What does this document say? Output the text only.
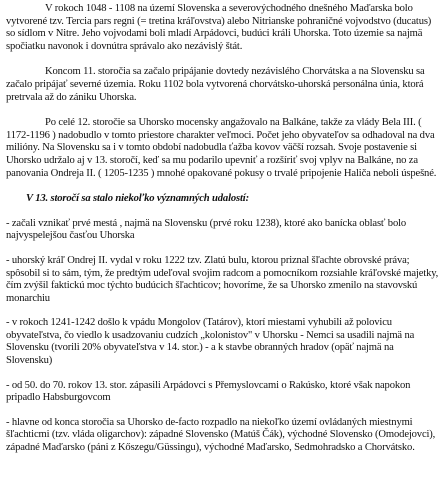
V rokoch 1048 - 1108 na území Slovenska a severovýchodného dnešného Maďarska bolo vytvorené tzv. Tercia pars regni (= tretina kráľovstva) alebo Nitrianske pohraničné vojvodstvo (ducatus) so sídlom v Nitre. Jeho vojvodami boli mladí Arpádovci, budúci králi Uhorska. Toto územie sa najmä spočiatku navonok i dovnútra správalo ako nezávislý štát.

Koncom 11. storočia sa začalo pripájanie dovtedy nezávislého Chorvátska a na Slovensku sa začalo pripájať severné územia. Roku 1102 bola vytvorená chorvátsko-uhorská personálna únia, ktorá pretrvala až do zániku Uhorska.

Po celé 12. storočie sa Uhorsko mocensky angažovalo na Balkáne, takže za vlády Bela III. ( 1172-1196 ) nadobudlo v tomto priestore charakter veľmoci. Počet jeho obyvateľov sa odhadoval na dva milióny. Na Slovensku sa i v tomto období nadobudla ťažba kovov väčší rozsah. Svoje postavenie si Uhorsko udržalo aj v 13. storočí, keď sa mu podarilo upevniť a rozšíriť svoj vplyv na Balkáne, no za panovania Ondreja II. ( 1205-1235 ) mnohé opakované pokusy o trvalé pripojenie Haliča neboli úspešné.

V 13. storočí sa stalo niekoľko významných udalostí:

- začali vznikať prvé mestá , najmä na Slovensku (prvé roku 1238), ktoré ako banícka oblasť bolo najvyspelejšou časťou Uhorska

- uhorský kráľ Ondrej II. vydal v roku 1222 tzv. Zlatú bulu, ktorou priznal šľachte obrovské práva; spôsobil si to sám, tým, že predtým udeľoval svojim radcom a pomocníkom rozsiahle kráľovské majetky, čím zvýšil faktickú moc týchto budúcich šľachticov; hovoríme, že sa Uhorsko zmenilo na stavovskú monarchiu

- v rokoch 1241-1242 došlo k vpádu Mongolov (Tatárov), ktorí miestami vyhubili až polovicu obyvateľstva, čo viedlo k usadzovaniu cudzích „kolonistov" v Uhorsku - Nemci sa usadili najmä na Slovensku (tvorili 20% obyvateľstva v 14. stor.) - a k stavbe obranných hradov (opäť najmä na Slovensku)

- od 50. do 70. rokov 13. stor. zápasili Arpádovci s Přemyslovcami o Rakúsko, ktoré však napokon pripadlo Habsburgovcom

- hlavne od konca storočia sa Uhorsko de-facto rozpadlo na niekoľko území ovládaných miestnymi šľachticmi (tzv. vláda oligarchov): západné Slovensko (Matúš Čák), východné Slovensko (Omodejovci), západné Maďarsko (páni z Kőszegu/Güssingu), východné Maďarsko, Sedmohradsko a Chorvátsko.
